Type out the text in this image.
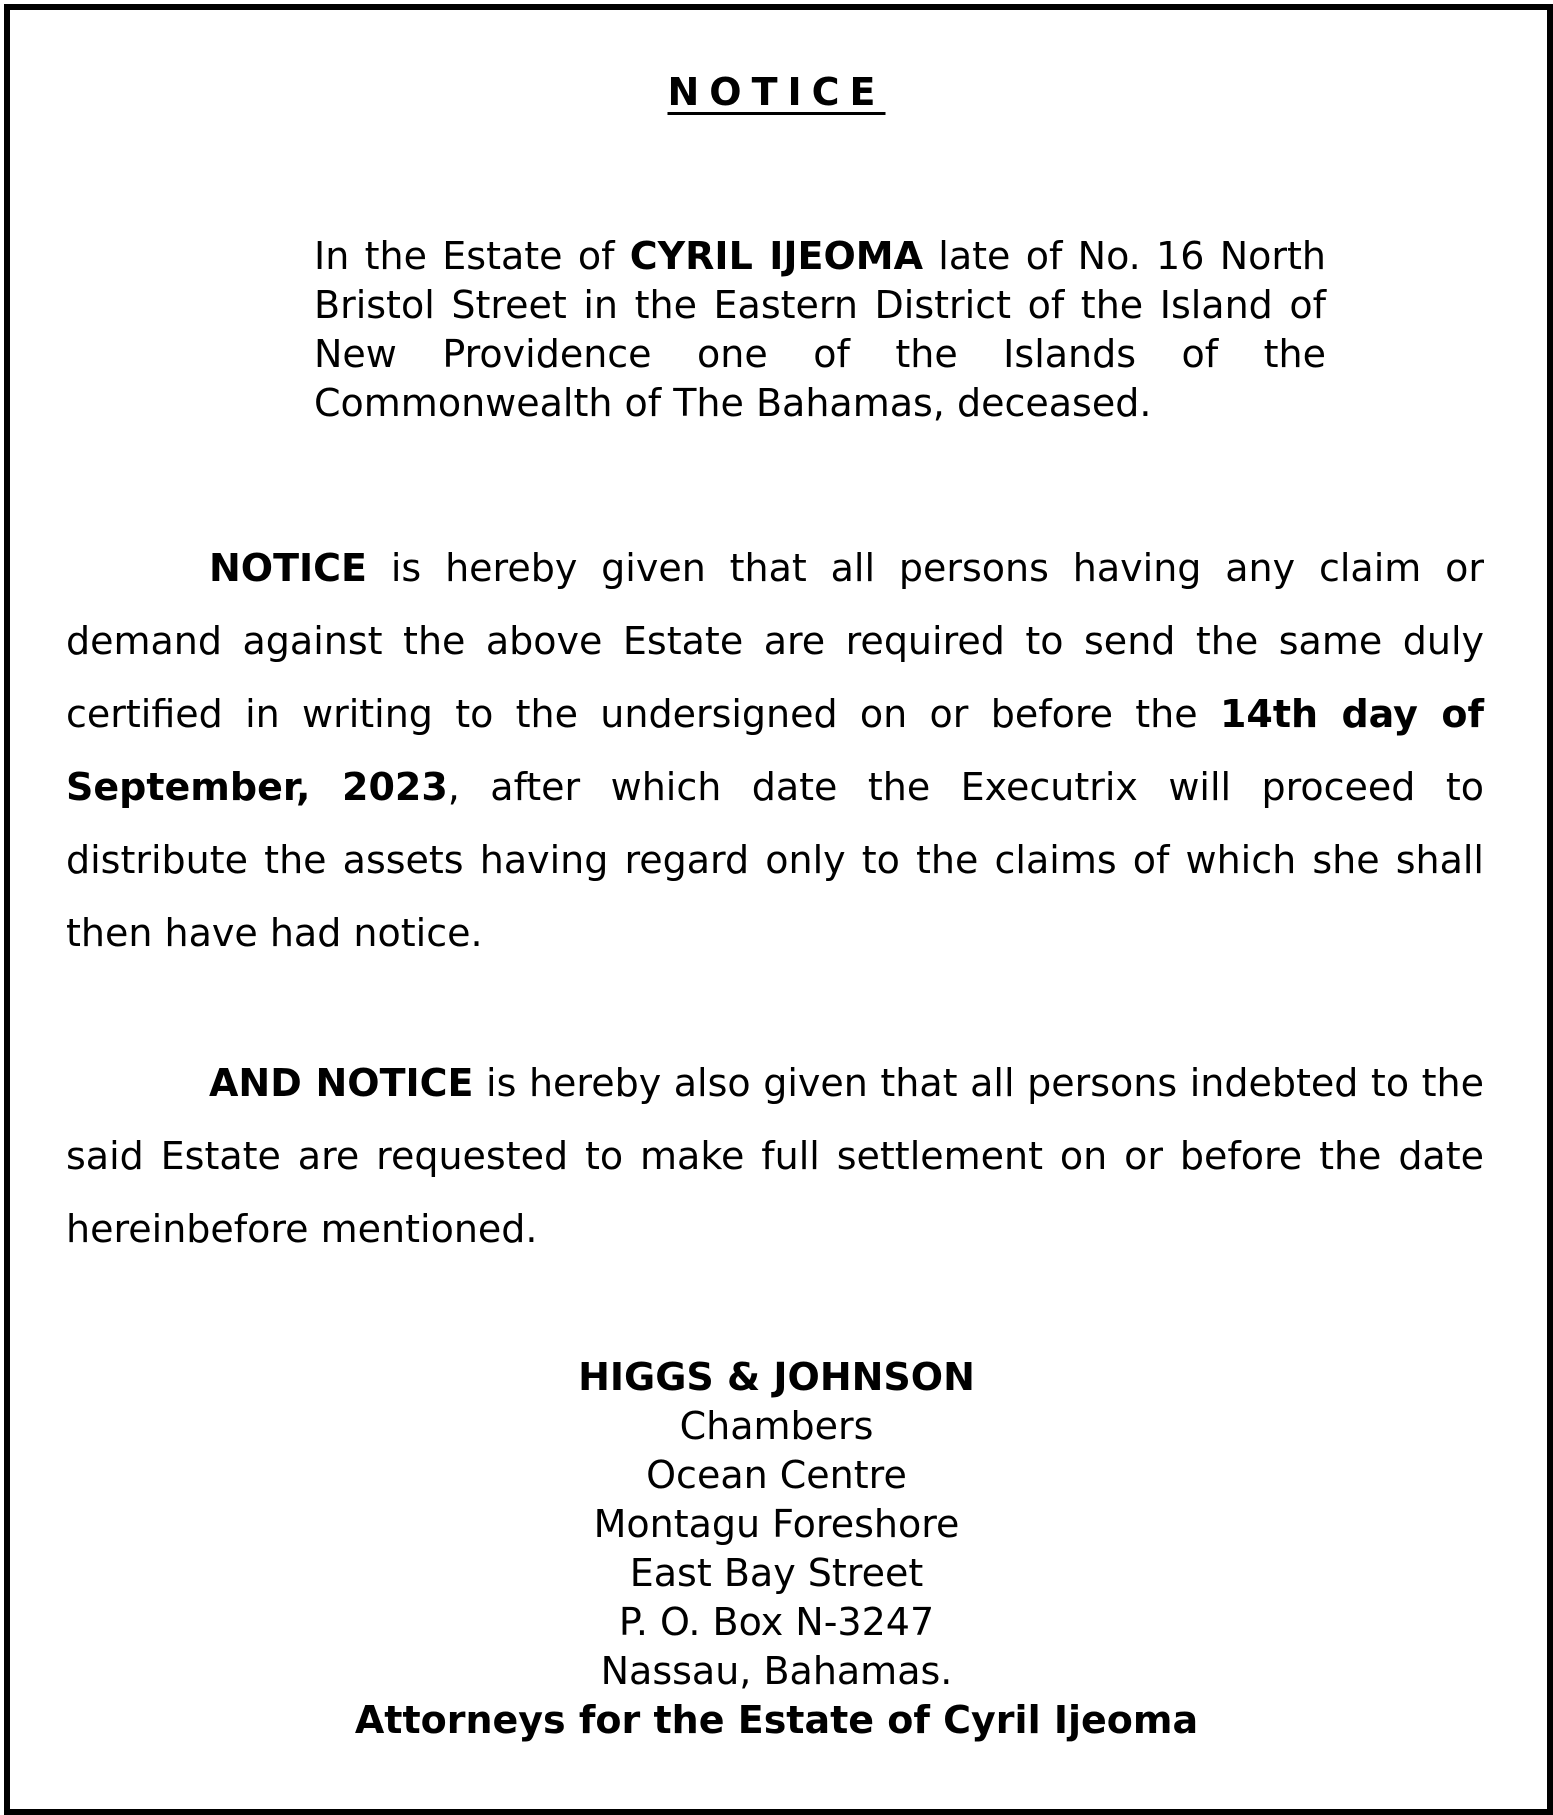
NOTICE
In the Estate of CYRIL IJEOMA late of No. 16 North Bristol Street in the Eastern District of the Island of New Providence one of the Islands of the Commonwealth of The Bahamas, deceased.
NOTICE is hereby given that all persons having any claim or demand against the above Estate are required to send the same duly certified in writing to the undersigned on or before the 14th day of September, 2023, after which date the Executrix will proceed to distribute the assets having regard only to the claims of which she shall then have had notice.
AND NOTICE is hereby also given that all persons indebted to the said Estate are requested to make full settlement on or before the date hereinbefore mentioned.
HIGGS & JOHNSON
Chambers
Ocean Centre
Montagu Foreshore
East Bay Street
P. O. Box N-3247
Nassau, Bahamas.
Attorneys for the Estate of Cyril Ijeoma
